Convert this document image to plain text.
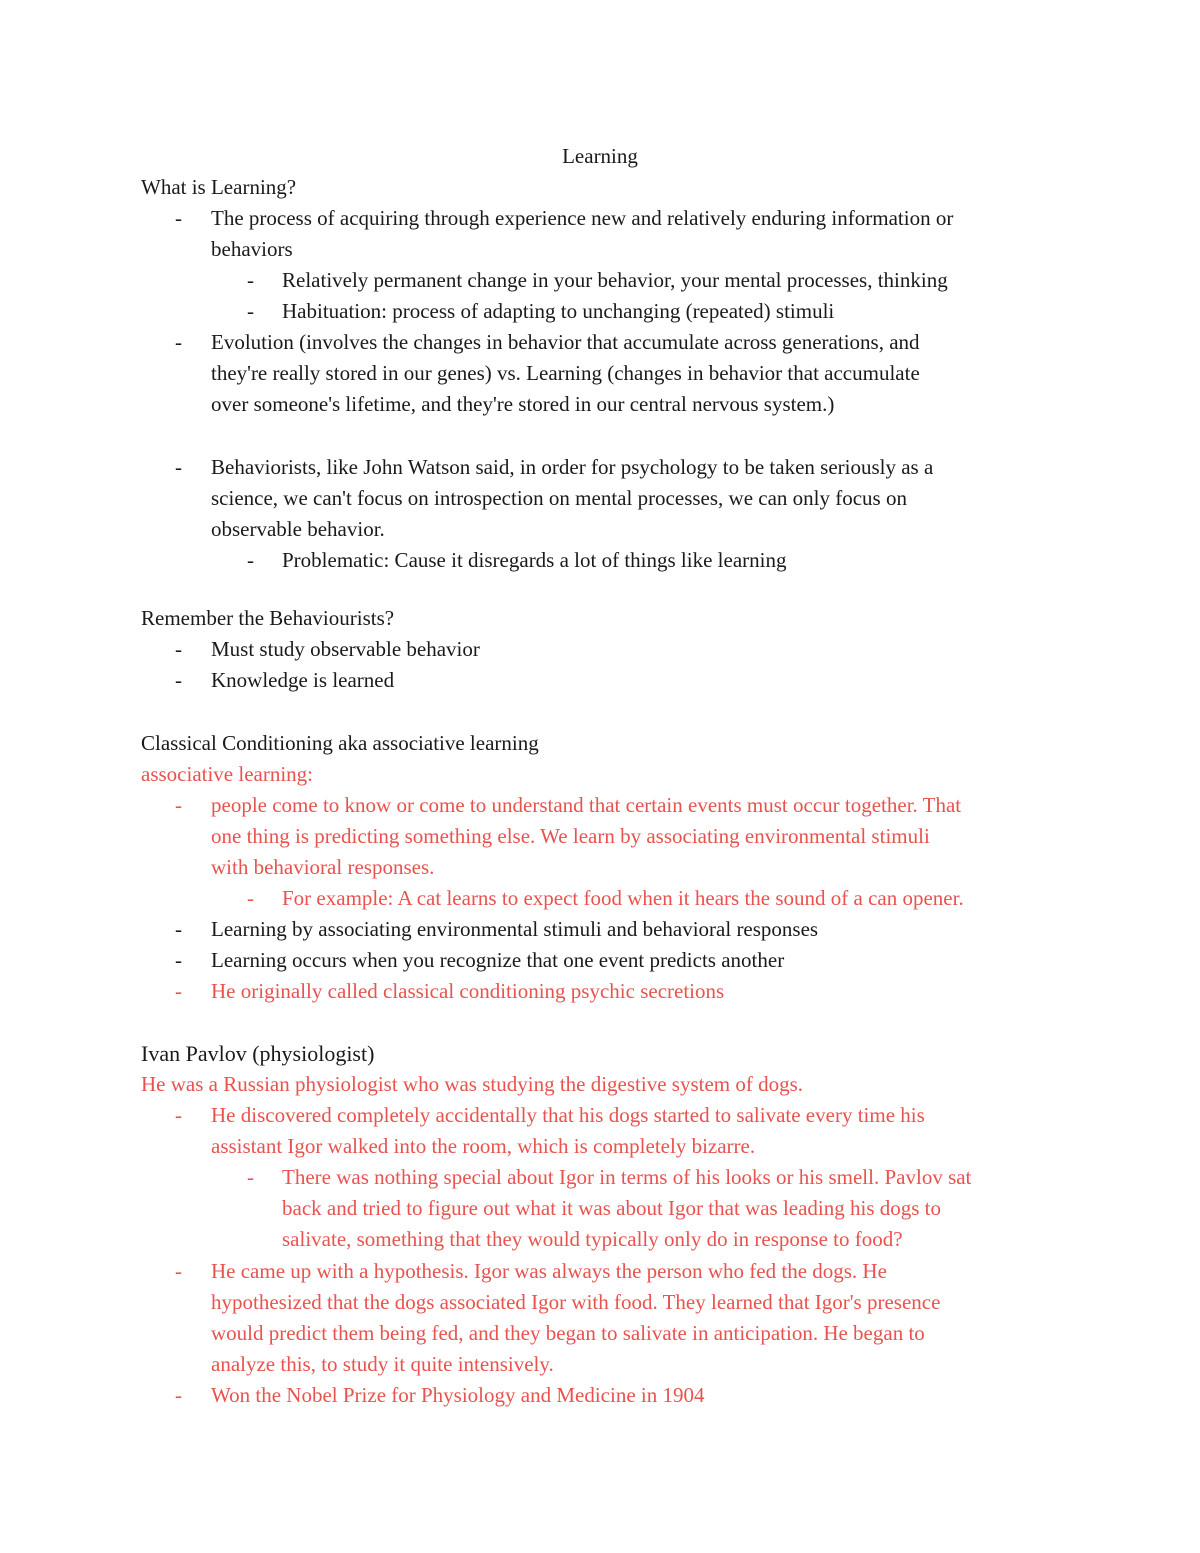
Learning
What is Learning?
- The process of acquiring through experience new and relatively enduring information or
behaviors
- Relatively permanent change in your behavior, your mental processes, thinking
- Habituation: process of adapting to unchanging (repeated) stimuli
- Evolution (involves the changes in behavior that accumulate across generations, and
they're really stored in our genes) vs. Learning (changes in behavior that accumulate
over someone's lifetime, and they're stored in our central nervous system.)
- Behaviorists, like John Watson said, in order for psychology to be taken seriously as a
science, we can't focus on introspection on mental processes, we can only focus on
observable behavior.
- Problematic: Cause it disregards a lot of things like learning
Remember the Behaviourists?
- Must study observable behavior
- Knowledge is learned
Classical Conditioning aka associative learning
associative learning:
- people come to know or come to understand that certain events must occur together. That
one thing is predicting something else. We learn by associating environmental stimuli
with behavioral responses.
- For example: A cat learns to expect food when it hears the sound of a can opener.
- Learning by associating environmental stimuli and behavioral responses
- Learning occurs when you recognize that one event predicts another
- He originally called classical conditioning psychic secretions
Ivan Pavlov (physiologist)
He was a Russian physiologist who was studying the digestive system of dogs.
- He discovered completely accidentally that his dogs started to salivate every time his
assistant Igor walked into the room, which is completely bizarre.
- There was nothing special about Igor in terms of his looks or his smell. Pavlov sat
back and tried to figure out what it was about Igor that was leading his dogs to
salivate, something that they would typically only do in response to food?
- He came up with a hypothesis. Igor was always the person who fed the dogs. He
hypothesized that the dogs associated Igor with food. They learned that Igor's presence
would predict them being fed, and they began to salivate in anticipation. He began to
analyze this, to study it quite intensively.
- Won the Nobel Prize for Physiology and Medicine in 1904
